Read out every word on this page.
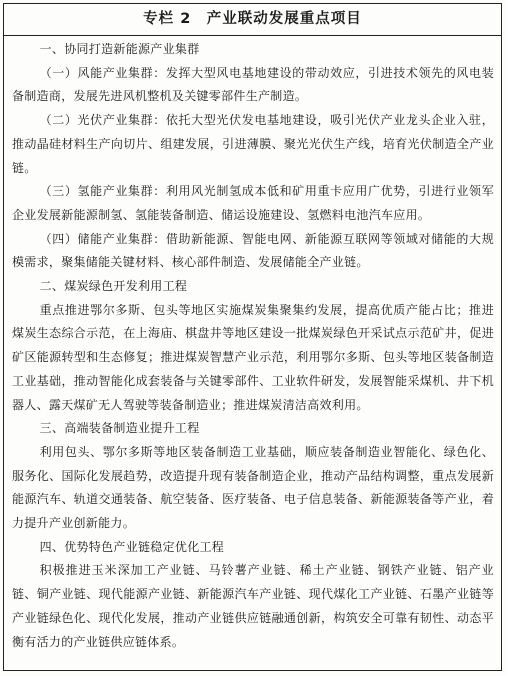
专栏 2　产业联动发展重点项目

一、协同打造新能源产业集群

（一）风能产业集群：发挥大型风电基地建设的带动效应，引进技术领先的风电装备制造商，发展先进风机整机及关键零部件生产制造。

（二）光伏产业集群：依托大型光伏发电基地建设，吸引光伏产业龙头企业入驻，推动晶硅材料生产向切片、组建发展，引进薄膜、聚光光伏生产线，培育光伏制造全产业链。

（三）氢能产业集群：利用风光制氢成本低和矿用重卡应用广优势，引进行业领军企业发展新能源制氢、氢能装备制造、储运设施建设、氢燃料电池汽车应用。

（四）储能产业集群：借助新能源、智能电网、新能源互联网等领域对储能的大规模需求，聚集储能关键材料、核心部件制造、发展储能全产业链。

二、煤炭绿色开发利用工程

重点推进鄂尔多斯、包头等地区实施煤炭集聚集约发展，提高优质产能占比；推进煤炭生态综合示范，在上海庙、棋盘井等地区建设一批煤炭绿色开采试点示范矿井，促进矿区能源转型和生态修复；推进煤炭智慧产业示范，利用鄂尔多斯、包头等地区装备制造工业基础，推动智能化成套装备与关键零部件、工业软件研发，发展智能采煤机、井下机器人、露天煤矿无人驾驶等装备制造业；推进煤炭清洁高效利用。

三、高端装备制造业提升工程

利用包头、鄂尔多斯等地区装备制造工业基础，顺应装备制造业智能化、绿色化、服务化、国际化发展趋势，改造提升现有装备制造企业，推动产品结构调整，重点发展新能源汽车、轨道交通装备、航空装备、医疗装备、电子信息装备、新能源装备等产业，着力提升产业创新能力。

四、优势特色产业链稳定优化工程

积极推进玉米深加工产业链、马铃薯产业链、稀土产业链、钢铁产业链、铝产业链、铜产业链、现代能源产业链、新能源汽车产业链、现代煤化工产业链、石墨产业链等产业链绿色化、现代化发展，推动产业链供应链融通创新，构筑安全可靠有韧性、动态平衡有活力的产业链供应链体系。
